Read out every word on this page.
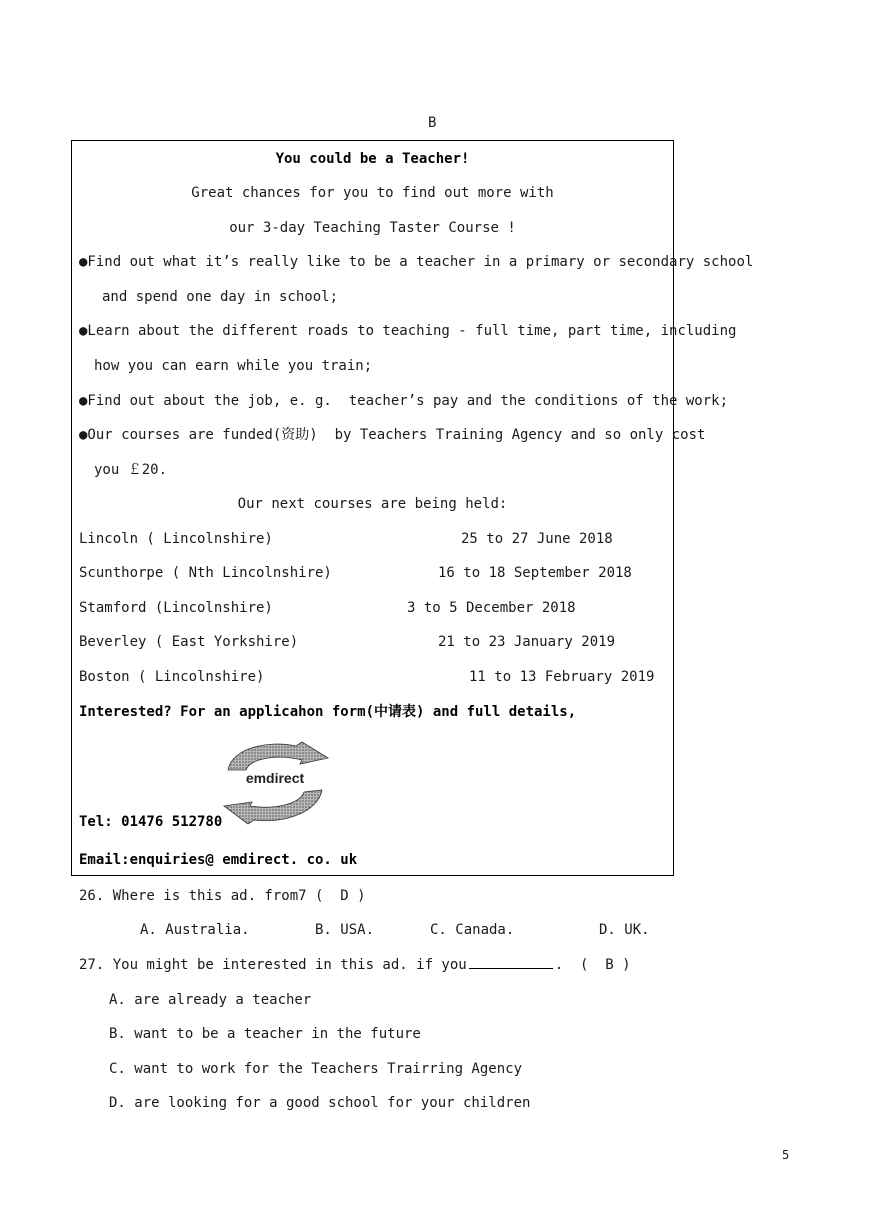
B
You could be a Teacher!
Great chances for you to find out more with
our 3-day Teaching Taster Course !
●Find out what it’s really like to be a teacher in a primary or secondary school
and spend one day in school;
●Learn about the different roads to teaching - full time, part time, including
how you can earn while you train;
●Find out about the job, e. g.  teacher’s pay and the conditions of the work;
●Our courses are funded(资助)  by Teachers Training Agency and so only cost
you ￡20.
Our next courses are being held:
Lincoln ( Lincolnshire)	25 to 27 June 2018
Scunthorpe ( Nth Lincolnshire)	16 to 18 September 2018
Stamford (Lincolnshire)	3 to 5 December 2018
Beverley ( East Yorkshire)	21 to 23 January 2019
Boston ( Lincolnshire)	11 to 13 February 2019
Interested? For an applicahon form(中请表) and full details,
emdirect
Tel: 01476 512780
Email:enquiries@ emdirect. co. uk
26. Where is this ad. from7 (  D )
A. Australia.	B. USA.	C. Canada.	D. UK.
27. You might be interested in this ad. if you	.  (  B )
A. are already a teacher
B. want to be a teacher in the future
C. want to work for the Teachers Trairring Agency
D. are looking for a good school for your children
5
